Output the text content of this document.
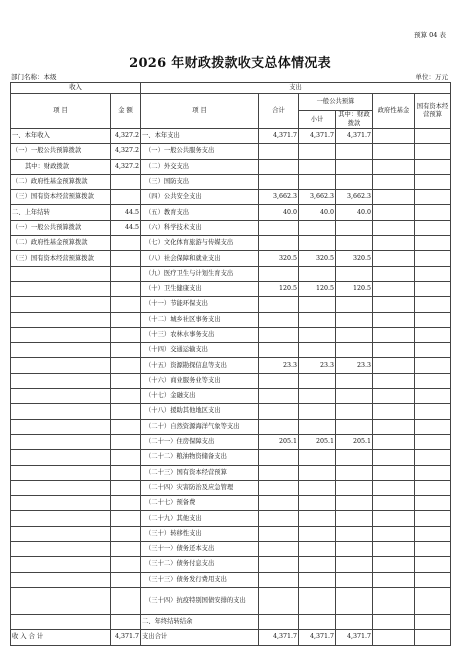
预算 04 表
2026 年财政拨款收支总体情况表
部门名称：本级	单位：万元
收入		支出					
项 目	金 额	项 目	合计	一般公共预算		政府性基金	国有资本经营预算
				小计	其中：财政拨款		
一、本年收入	4,327.2	一、本年支出	4,371.7	4,371.7	4,371.7		
（一）一般公共预算拨款	4,327.2	（一）一般公共服务支出					
其中：财政拨款	4,327.2	（二）外交支出					
（二）政府性基金预算拨款		（三）国防支出					
（三）国有资本经营预算拨款		（四）公共安全支出	3,662.3	3,662.3	3,662.3		
二、上年结转	44.5	（五）教育支出	40.0	40.0	40.0		
（一）一般公共预算拨款	44.5	（六）科学技术支出					
（二）政府性基金预算拨款		（七）文化体育旅游与传媒支出					
（三）国有资本经营预算拨款		（八）社会保障和就业支出	320.5	320.5	320.5		
		（九）医疗卫生与计划生育支出					
		（十）卫生健康支出	120.5	120.5	120.5		
		（十一）节能环保支出					
		（十二）城乡社区事务支出					
		（十三）农林水事务支出					
		（十四）交通运输支出					
		（十五）资源勘探信息等支出	23.3	23.3	23.3		
		（十六）商业服务业等支出					
		（十七）金融支出					
		（十八）援助其他地区支出					
		（二十）自然资源海洋气象等支出					
		（二十一）住房保障支出	205.1	205.1	205.1		
		（二十二）粮油物资储备支出					
		（二十三）国有资本经营预算					
		（二十四）灾害防治及应急管理					
		（二十七）预备费					
		（二十九）其他支出					
		（三十）转移性支出					
		（三十一）债务还本支出					
		（三十二）债务付息支出					
		（三十三）债务发行费用支出					
		（三十四）抗疫特别国债安排的支出					
		二、年终结转结余					
收 入 合 计	4,371.7	支出合计	4,371.7	4,371.7	4,371.7		
